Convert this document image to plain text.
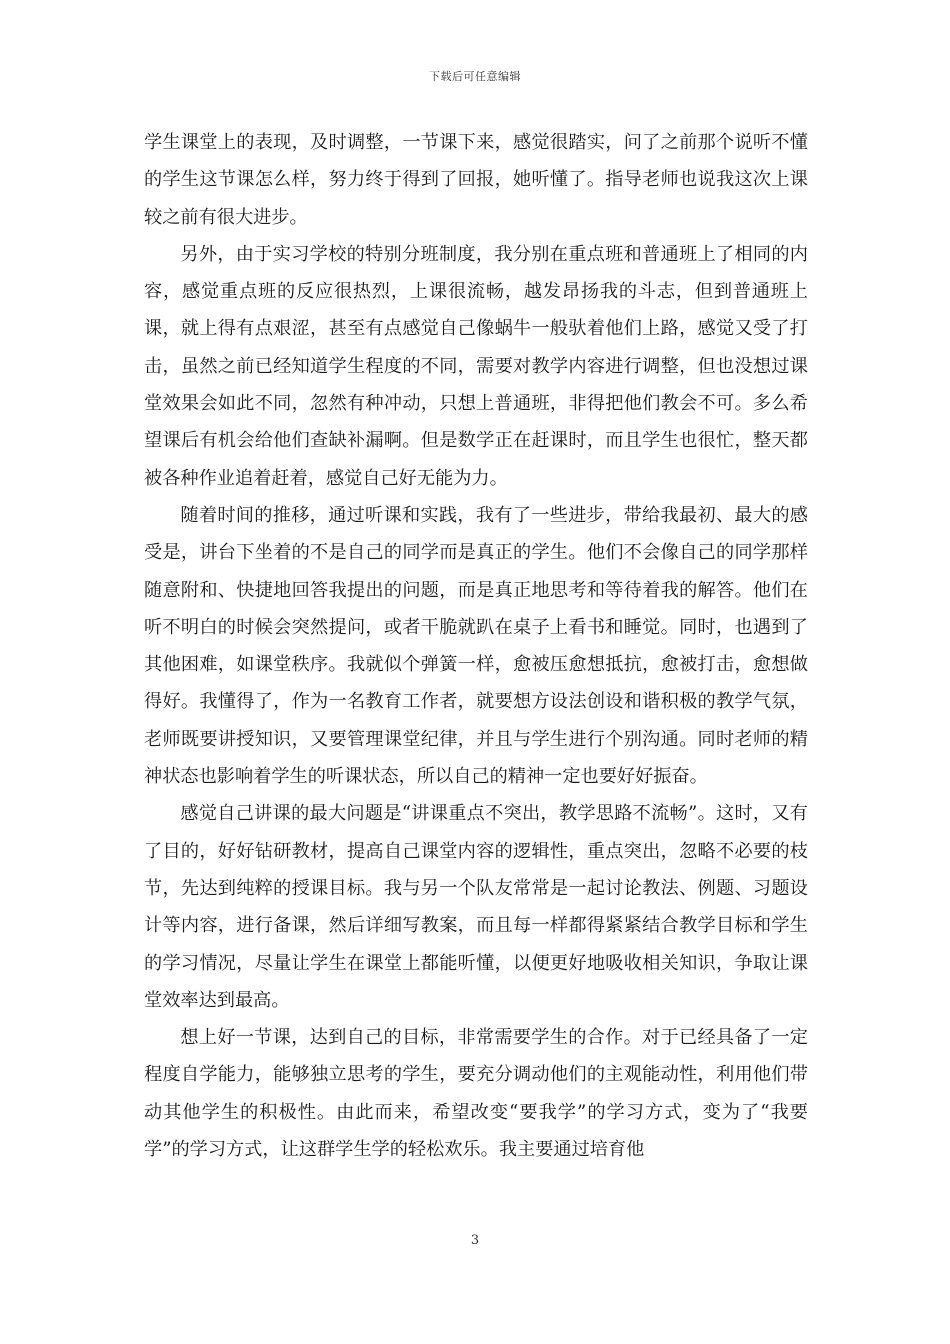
下载后可任意编辑

学生课堂上的表现，及时调整，一节课下来，感觉很踏实，问了之前那个说听不懂的学生这节课怎么样，努力终于得到了回报，她听懂了。指导老师也说我这次上课较之前有很大进步。

另外，由于实习学校的特别分班制度，我分别在重点班和普通班上了相同的内容，感觉重点班的反应很热烈，上课很流畅，越发昂扬我的斗志，但到普通班上课，就上得有点艰涩，甚至有点感觉自己像蜗牛一般驮着他们上路，感觉又受了打击，虽然之前已经知道学生程度的不同，需要对教学内容进行调整，但也没想过课堂效果会如此不同，忽然有种冲动，只想上普通班，非得把他们教会不可。多么希望课后有机会给他们查缺补漏啊。但是数学正在赶课时，而且学生也很忙，整天都被各种作业追着赶着，感觉自己好无能为力。

随着时间的推移，通过听课和实践，我有了一些进步，带给我最初、最大的感受是，讲台下坐着的不是自己的同学而是真正的学生。他们不会像自己的同学那样随意附和、快捷地回答我提出的问题，而是真正地思考和等待着我的解答。他们在听不明白的时候会突然提问，或者干脆就趴在桌子上看书和睡觉。同时，也遇到了其他困难，如课堂秩序。我就似个弹簧一样，愈被压愈想抵抗，愈被打击，愈想做得好。我懂得了，作为一名教育工作者，就要想方设法创设和谐积极的教学气氛，老师既要讲授知识，又要管理课堂纪律，并且与学生进行个别沟通。同时老师的精神状态也影响着学生的听课状态，所以自己的精神一定也要好好振奋。

感觉自己讲课的最大问题是“讲课重点不突出，教学思路不流畅”。这时，又有了目的，好好钻研教材，提高自己课堂内容的逻辑性，重点突出，忽略不必要的枝节，先达到纯粹的授课目标。我与另一个队友常常是一起讨论教法、例题、习题设计等内容，进行备课，然后详细写教案，而且每一样都得紧紧结合教学目标和学生的学习情况，尽量让学生在课堂上都能听懂，以便更好地吸收相关知识，争取让课堂效率达到最高。

想上好一节课，达到自己的目标，非常需要学生的合作。对于已经具备了一定程度自学能力，能够独立思考的学生，要充分调动他们的主观能动性，利用他们带动其他学生的积极性。由此而来，希望改变“要我学”的学习方式，变为了“我要学”的学习方式，让这群学生学的轻松欢乐。我主要通过培育他

3
